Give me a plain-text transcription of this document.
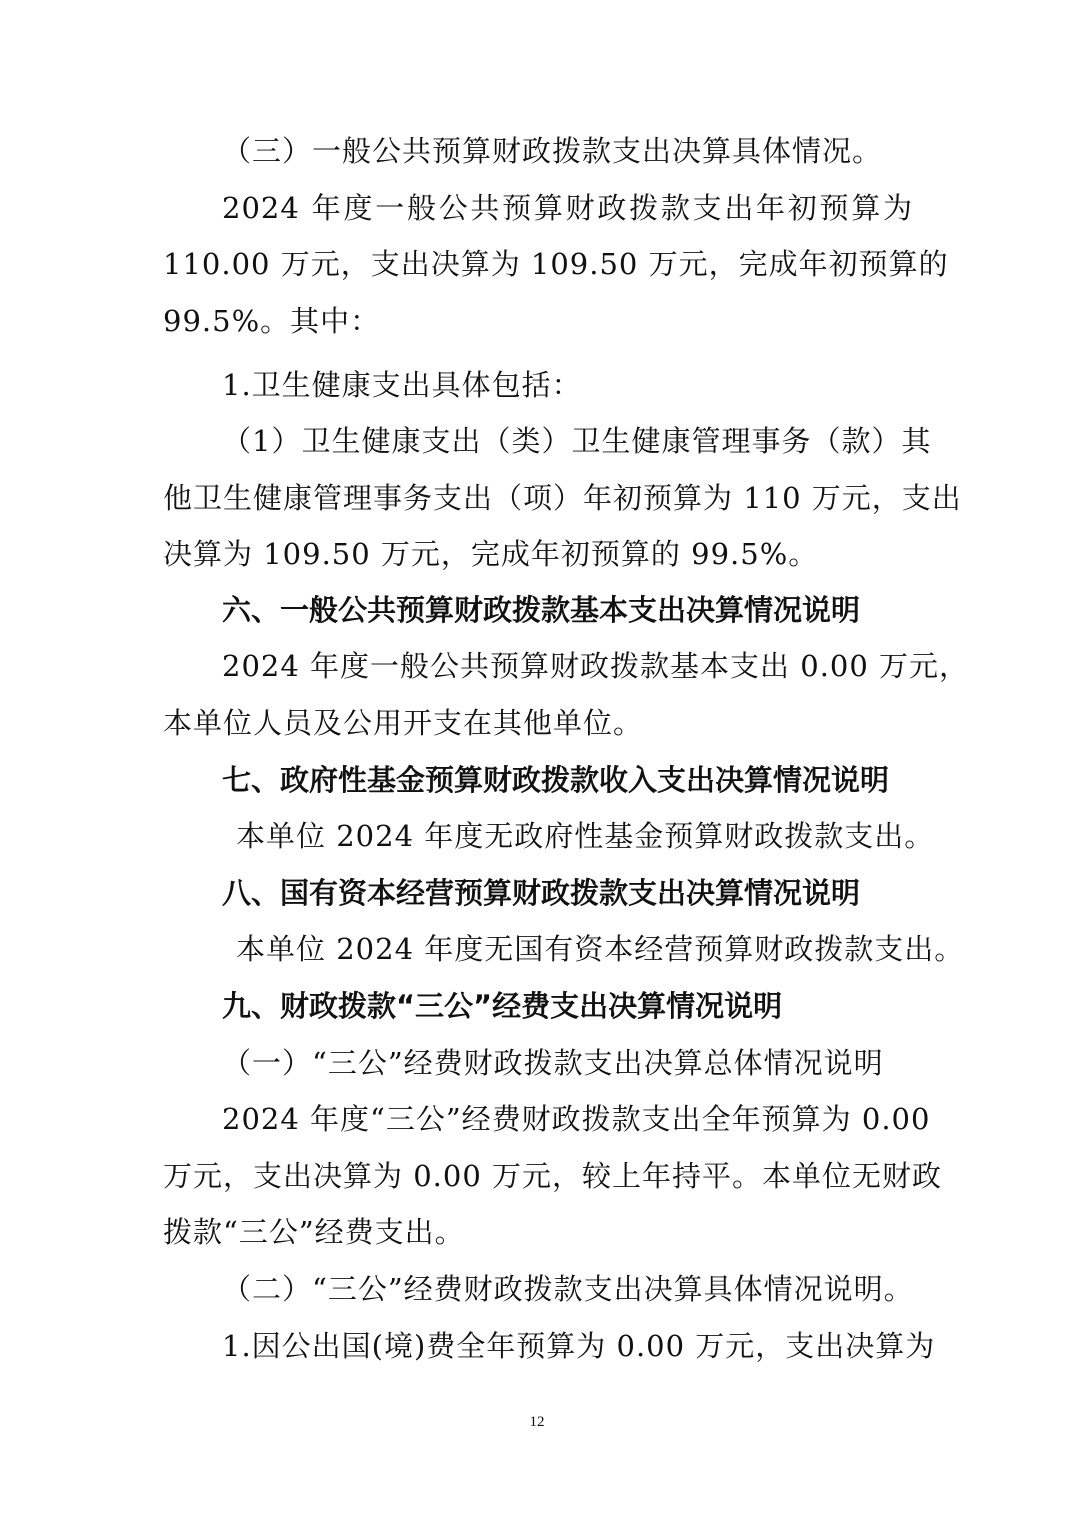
（三）一般公共预算财政拨款支出决算具体情况。
2024 年度一般公共预算财政拨款支出年初预算为
110.00 万元，支出决算为 109.50 万元，完成年初预算的
99.5%。其中：
1.卫生健康支出具体包括：
（1）卫生健康支出（类）卫生健康管理事务（款）其
他卫生健康管理事务支出（项）年初预算为 110 万元，支出
决算为 109.50 万元，完成年初预算的 99.5%。
六、一般公共预算财政拨款基本支出决算情况说明
2024 年度一般公共预算财政拨款基本支出 0.00 万元，
本单位人员及公用开支在其他单位。
七、政府性基金预算财政拨款收入支出决算情况说明
本单位 2024 年度无政府性基金预算财政拨款支出。
八、国有资本经营预算财政拨款支出决算情况说明
本单位 2024 年度无国有资本经营预算财政拨款支出。
九、财政拨款“三公”经费支出决算情况说明
（一）“三公”经费财政拨款支出决算总体情况说明
2024 年度“三公”经费财政拨款支出全年预算为 0.00
万元，支出决算为 0.00 万元，较上年持平。本单位无财政
拨款“三公”经费支出。
（二）“三公”经费财政拨款支出决算具体情况说明。
1.因公出国(境)费全年预算为 0.00 万元，支出决算为
12
